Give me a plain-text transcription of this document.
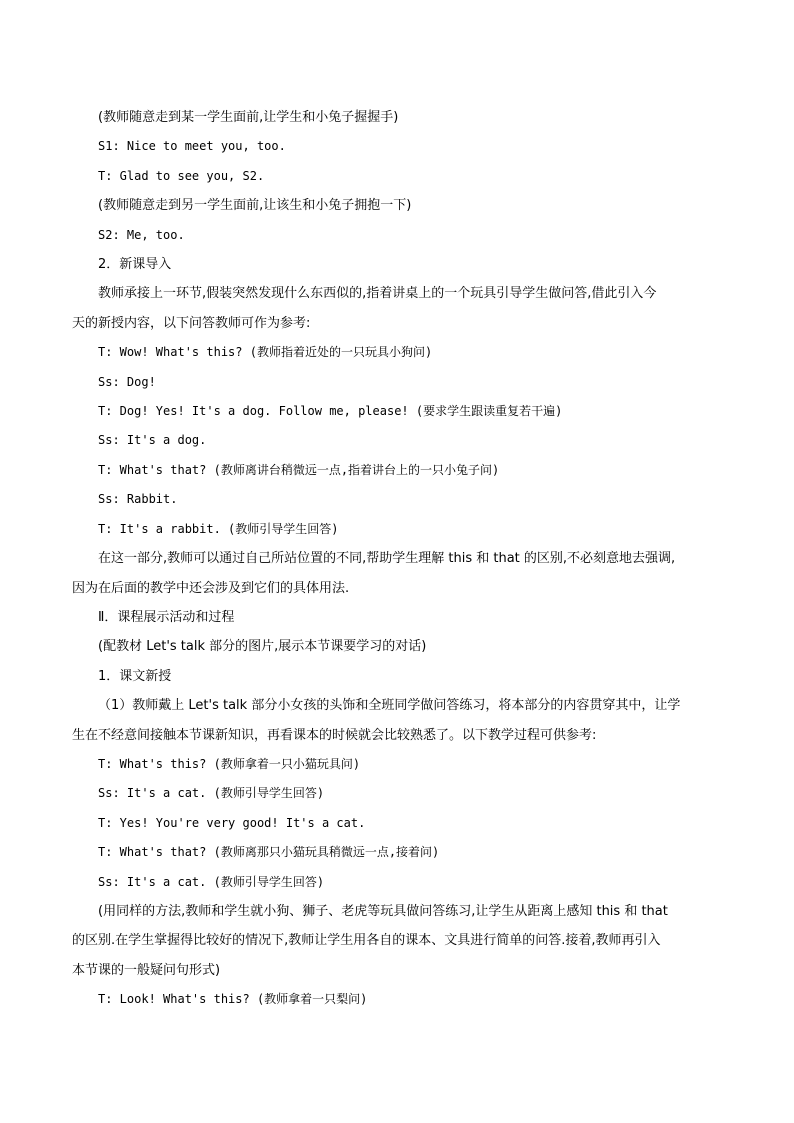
(教师随意走到某一学生面前,让学生和小兔子握握手)
S1: Nice to meet you, too.
T: Glad to see you, S2.
(教师随意走到另一学生面前,让该生和小兔子拥抱一下)
S2: Me, too.
2．新课导入
教师承接上一环节,假装突然发现什么东西似的,指着讲桌上的一个玩具引导学生做问答,借此引入今
天的新授内容，以下问答教师可作为参考:
T: Wow! What's this? (教师指着近处的一只玩具小狗问)
Ss: Dog!
T: Dog! Yes! It's a dog. Follow me, please! (要求学生跟读重复若干遍)
Ss: It's a dog.
T: What's that? (教师离讲台稍微远一点,指着讲台上的一只小兔子问)
Ss: Rabbit.
T: It's a rabbit. (教师引导学生回答)
在这一部分,教师可以通过自己所站位置的不同,帮助学生理解 this 和 that 的区别,不必刻意地去强调,
因为在后面的教学中还会涉及到它们的具体用法.
Ⅱ．课程展示活动和过程
(配教材 Let's talk 部分的图片,展示本节课要学习的对话)
1．课文新授
（1）教师戴上 Let's talk 部分小女孩的头饰和全班同学做问答练习，将本部分的内容贯穿其中，让学
生在不经意间接触本节课新知识，再看课本的时候就会比较熟悉了。以下教学过程可供参考:
T: What's this? (教师拿着一只小猫玩具问)
Ss: It's a cat. (教师引导学生回答)
T: Yes! You're very good! It's a cat.
T: What's that? (教师离那只小猫玩具稍微远一点,接着问)
Ss: It's a cat. (教师引导学生回答)
(用同样的方法,教师和学生就小狗、狮子、老虎等玩具做问答练习,让学生从距离上感知 this 和 that
的区别.在学生掌握得比较好的情况下,教师让学生用各自的课本、文具进行简单的问答.接着,教师再引入
本节课的一般疑问句形式)
T: Look! What's this? (教师拿着一只梨问)
